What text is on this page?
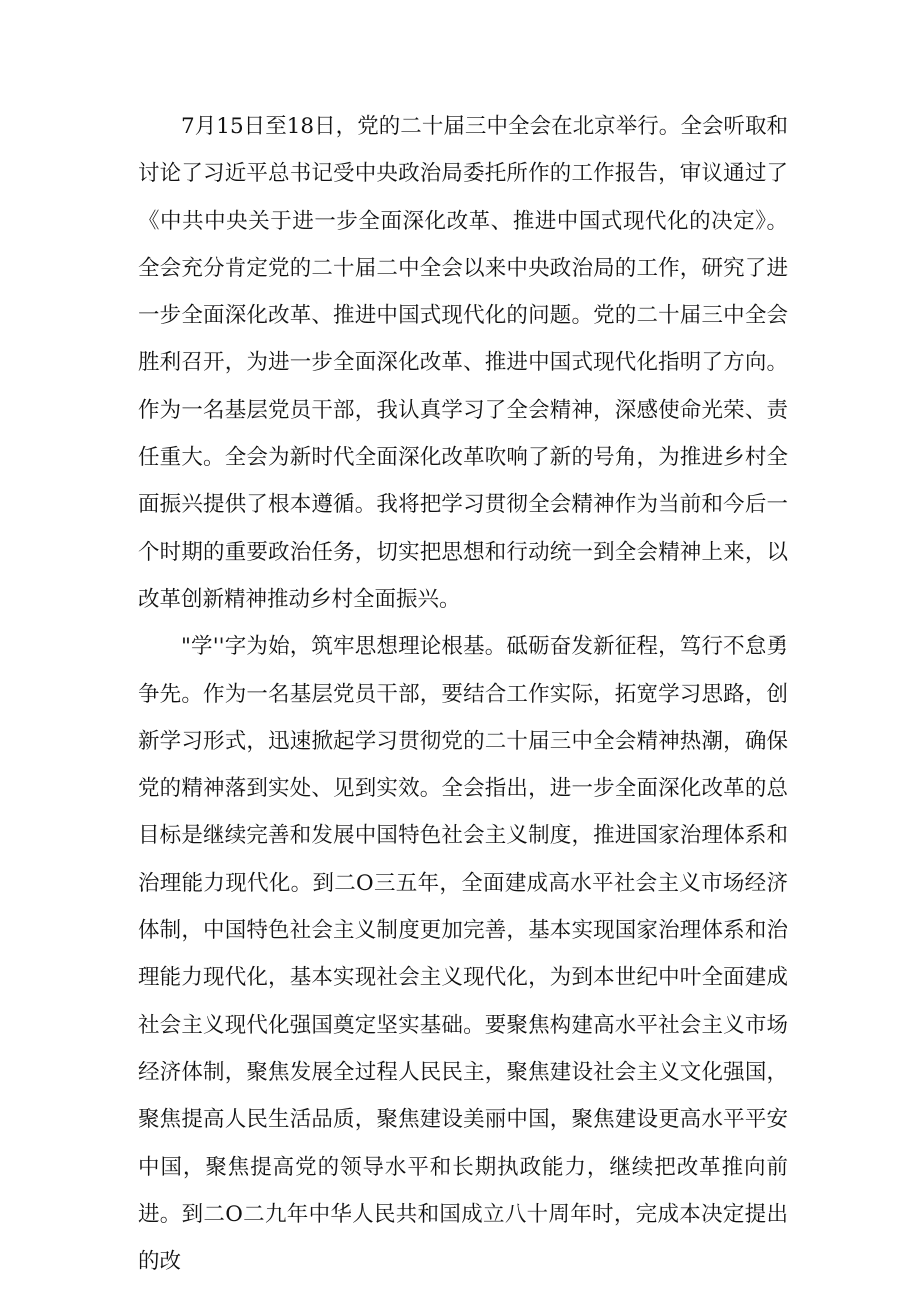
7月15日至18日，党的二十届三中全会在北京举行。全会听取和讨论了习近平总书记受中央政治局委托所作的工作报告，审议通过了《中共中央关于进一步全面深化改革、推进中国式现代化的决定》。全会充分肯定党的二十届二中全会以来中央政治局的工作，研究了进一步全面深化改革、推进中国式现代化的问题。党的二十届三中全会胜利召开，为进一步全面深化改革、推进中国式现代化指明了方向。作为一名基层党员干部，我认真学习了全会精神，深感使命光荣、责任重大。全会为新时代全面深化改革吹响了新的号角，为推进乡村全面振兴提供了根本遵循。我将把学习贯彻全会精神作为当前和今后一个时期的重要政治任务，切实把思想和行动统一到全会精神上来，以改革创新精神推动乡村全面振兴。

"学''字为始，筑牢思想理论根基。砥砺奋发新征程，笃行不怠勇争先。作为一名基层党员干部，要结合工作实际，拓宽学习思路，创新学习形式，迅速掀起学习贯彻党的二十届三中全会精神热潮，确保党的精神落到实处、见到实效。全会指出，进一步全面深化改革的总目标是继续完善和发展中国特色社会主义制度，推进国家治理体系和治理能力现代化。到二O三五年，全面建成高水平社会主义市场经济体制，中国特色社会主义制度更加完善，基本实现国家治理体系和治理能力现代化，基本实现社会主义现代化，为到本世纪中叶全面建成社会主义现代化强国奠定坚实基础。要聚焦构建高水平社会主义市场经济体制，聚焦发展全过程人民民主，聚焦建设社会主义文化强国，聚焦提高人民生活品质，聚焦建设美丽中国，聚焦建设更高水平平安中国，聚焦提高党的领导水平和长期执政能力，继续把改革推向前进。到二O二九年中华人民共和国成立八十周年时，完成本决定提出的改
